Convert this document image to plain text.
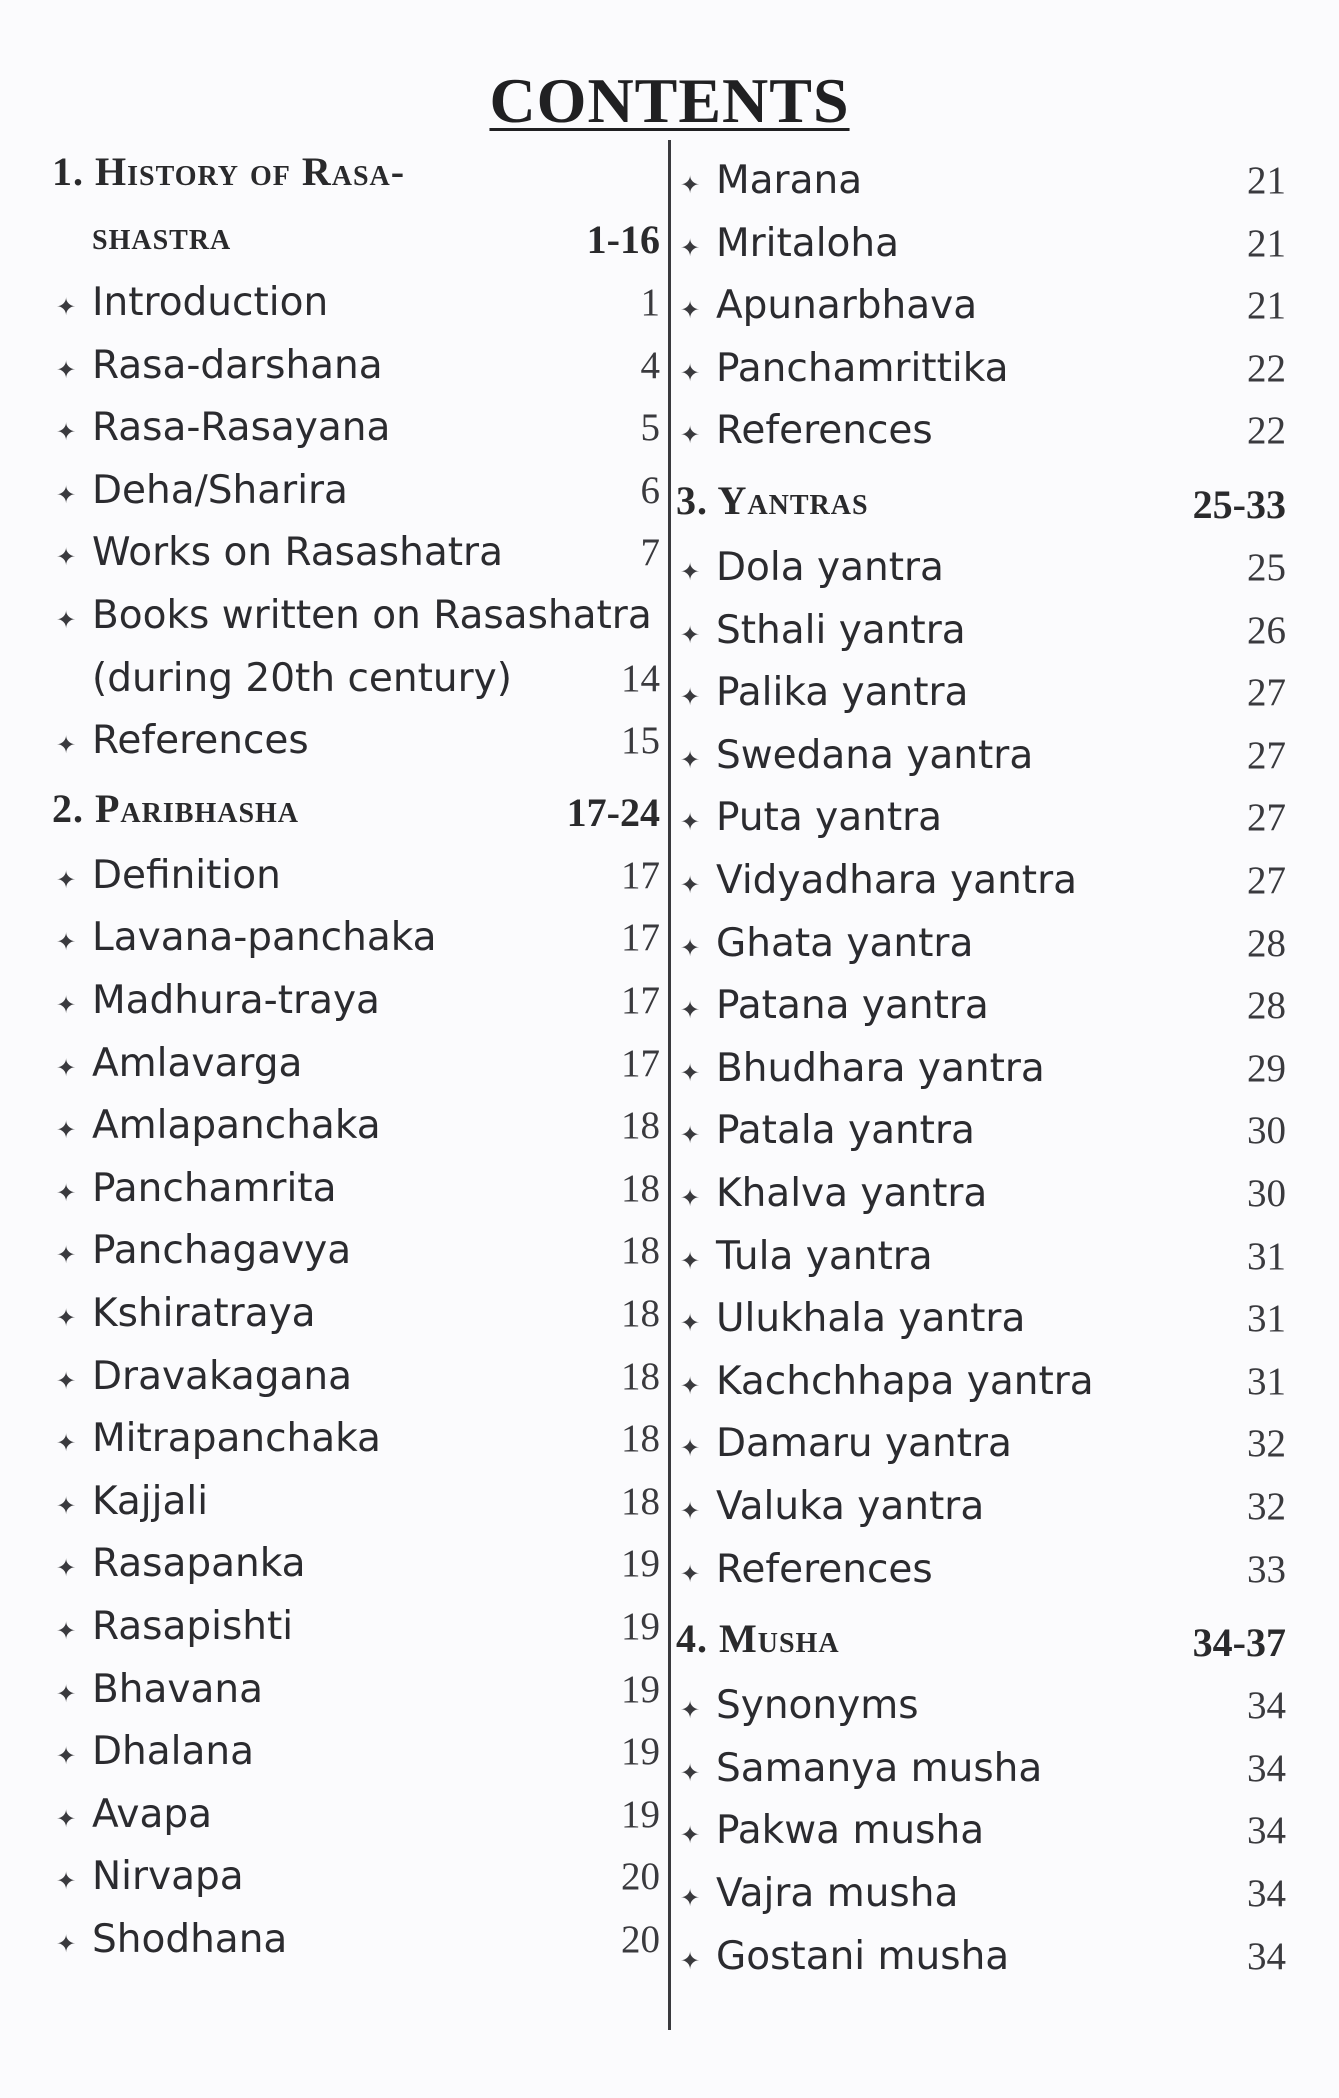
CONTENTS
1. History of Rasa-
shastra	1-16
✦ Introduction	1
✦ Rasa-darshana	4
✦ Rasa-Rasayana	5
✦ Deha/Sharira	6
✦ Works on Rasashatra	7
✦ Books written on Rasashatra
(during 20th century)	14
✦ References	15
2. Paribhasha	17-24
✦ Definition	17
✦ Lavana-panchaka	17
✦ Madhura-traya	17
✦ Amlavarga	17
✦ Amlapanchaka	18
✦ Panchamrita	18
✦ Panchagavya	18
✦ Kshiratraya	18
✦ Dravakagana	18
✦ Mitrapanchaka	18
✦ Kajjali	18
✦ Rasapanka	19
✦ Rasapishti	19
✦ Bhavana	19
✦ Dhalana	19
✦ Avapa	19
✦ Nirvapa	20
✦ Shodhana	20
✦ Marana	21
✦ Mritaloha	21
✦ Apunarbhava	21
✦ Panchamrittika	22
✦ References	22
3. Yantras	25-33
✦ Dola yantra	25
✦ Sthali yantra	26
✦ Palika yantra	27
✦ Swedana yantra	27
✦ Puta yantra	27
✦ Vidyadhara yantra	27
✦ Ghata yantra	28
✦ Patana yantra	28
✦ Bhudhara yantra	29
✦ Patala yantra	30
✦ Khalva yantra	30
✦ Tula yantra	31
✦ Ulukhala yantra	31
✦ Kachchhapa yantra	31
✦ Damaru yantra	32
✦ Valuka yantra	32
✦ References	33
4. Musha	34-37
✦ Synonyms	34
✦ Samanya musha	34
✦ Pakwa musha	34
✦ Vajra musha	34
✦ Gostani musha	34
